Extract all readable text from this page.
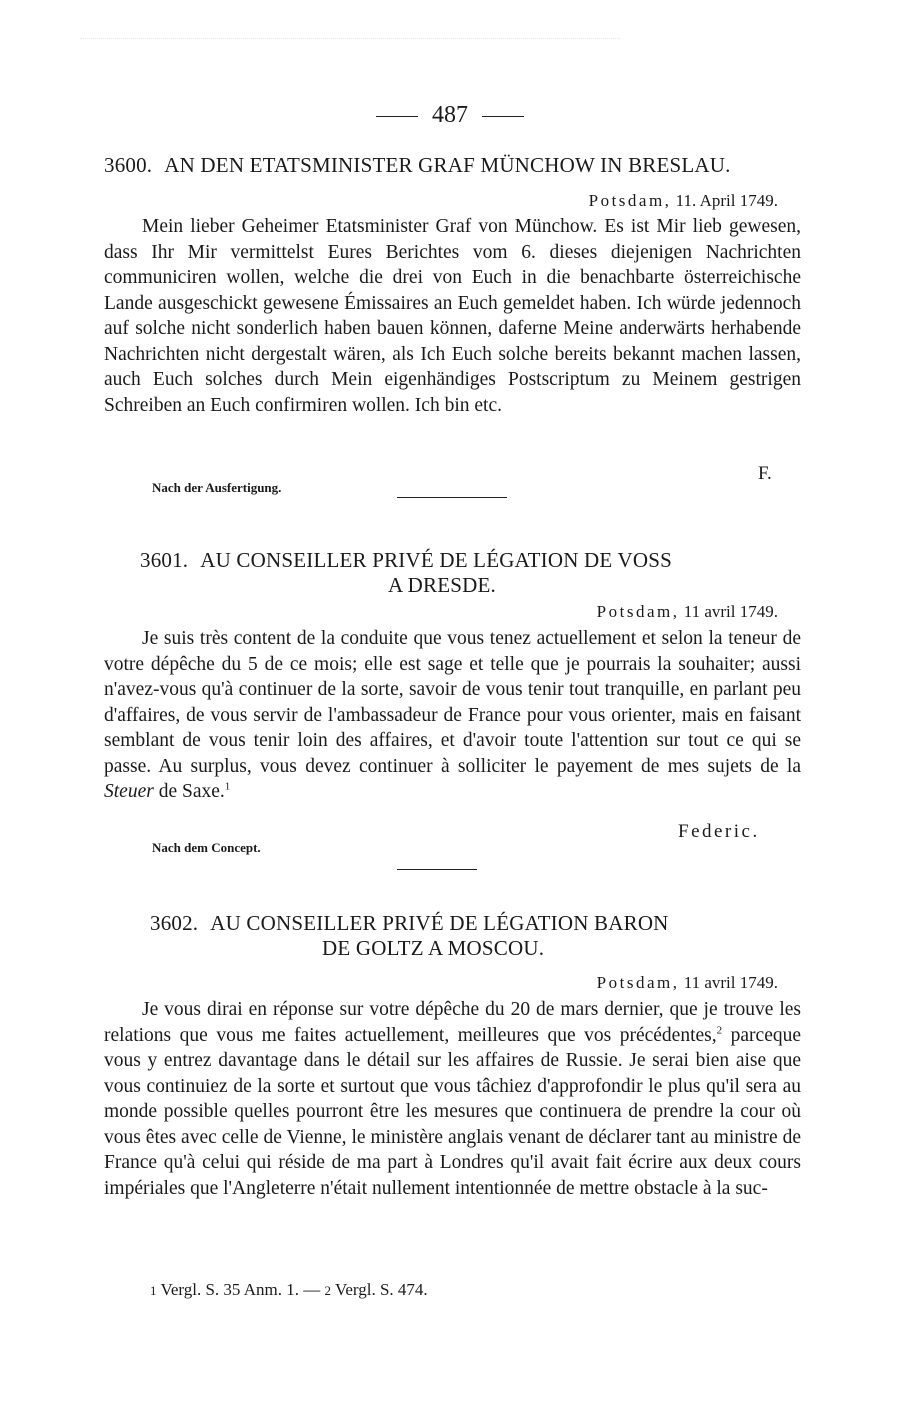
487
3600. AN DEN ETATSMINISTER GRAF MÜNCHOW IN BRESLAU.
Potsdam, 11. April 1749.
Mein lieber Geheimer Etatsminister Graf von Münchow. Es ist Mir lieb gewesen, dass Ihr Mir vermittelst Eures Berichtes vom 6. dieses diejenigen Nachrichten communiciren wollen, welche die drei von Euch in die benachbarte österreichische Lande ausgeschickt gewesene Émissaires an Euch gemeldet haben. Ich würde jedennoch auf solche nicht sonderlich haben bauen können, daferne Meine anderwärts herhabende Nachrichten nicht dergestalt wären, als Ich Euch solche bereits bekannt machen lassen, auch Euch solches durch Mein eigenhändiges Postscriptum zu Meinem gestrigen Schreiben an Euch confirmiren wollen. Ich bin etc.
F.
Nach der Ausfertigung.
3601. AU CONSEILLER PRIVÉ DE LÉGATION DE VOSS
A DRESDE.
Potsdam, 11 avril 1749.
Je suis très content de la conduite que vous tenez actuellement et selon la teneur de votre dépêche du 5 de ce mois; elle est sage et telle que je pourrais la souhaiter; aussi n'avez-vous qu'à continuer de la sorte, savoir de vous tenir tout tranquille, en parlant peu d'affaires, de vous servir de l'ambassadeur de France pour vous orienter, mais en faisant semblant de vous tenir loin des affaires, et d'avoir toute l'attention sur tout ce qui se passe. Au surplus, vous devez continuer à solliciter le payement de mes sujets de la Steuer de Saxe.$^1$
Federic.
Nach dem Concept.
3602. AU CONSEILLER PRIVÉ DE LÉGATION BARON
DE GOLTZ A MOSCOU.
Potsdam, 11 avril 1749.
Je vous dirai en réponse sur votre dépêche du 20 de mars dernier, que je trouve les relations que vous me faites actuellement, meilleures que vos précédentes,$^2$ parceque vous y entrez davantage dans le détail sur les affaires de Russie. Je serai bien aise que vous continuiez de la sorte et surtout que vous tâchiez d'approfondir le plus qu'il sera au monde possible quelles pourront être les mesures que continuera de prendre la cour où vous êtes avec celle de Vienne, le ministère anglais venant de déclarer tant au ministre de France qu'à celui qui réside de ma part à Londres qu'il avait fait écrire aux deux cours impériales que l'Angleterre n'était nullement intentionnée de mettre obstacle à la suc-
1 Vergl. S. 35 Anm. 1. — 2 Vergl. S. 474.
